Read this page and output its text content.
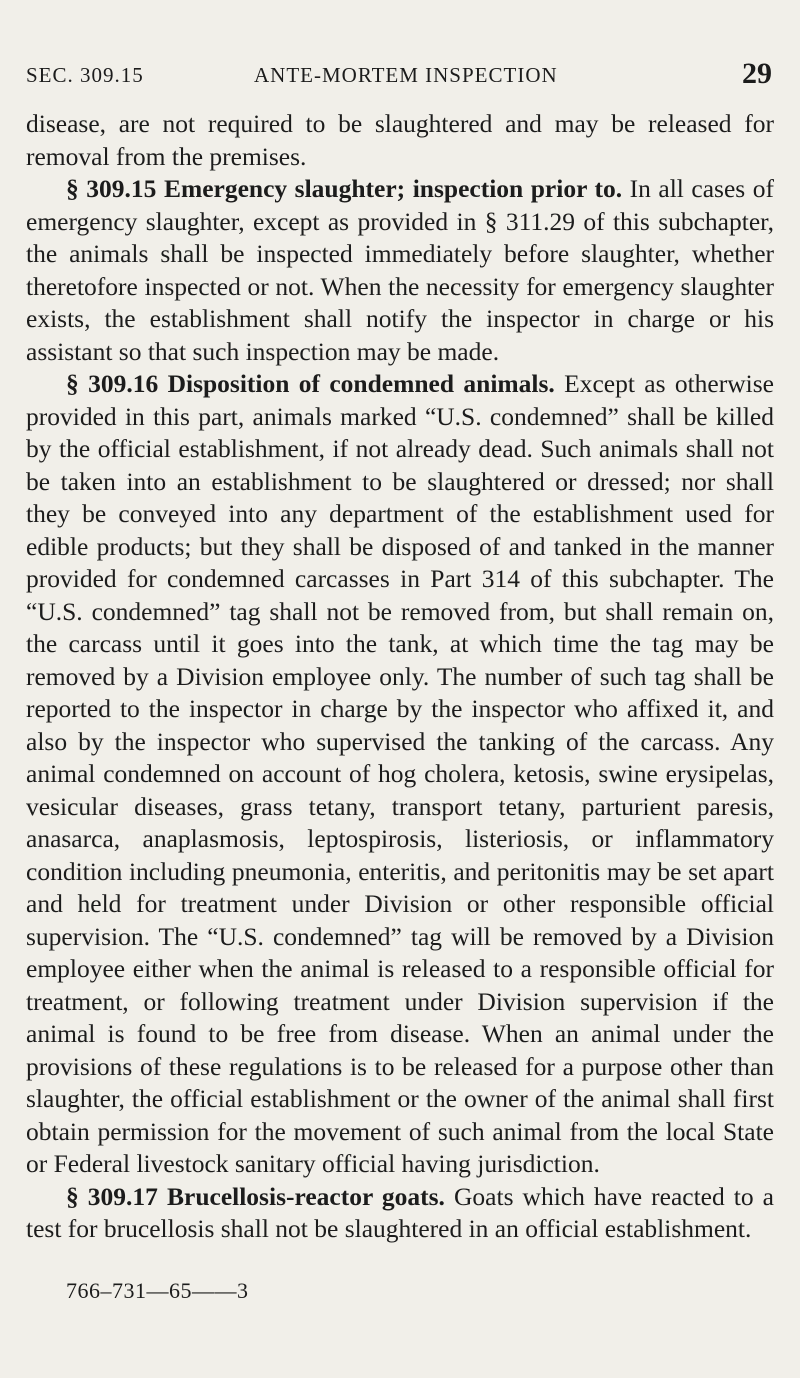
SEC. 309.15	ANTE-MORTEM INSPECTION	29

disease, are not required to be slaughtered and may be released for removal from the premises.

§ 309.15 Emergency slaughter; inspection prior to. In all cases of emergency slaughter, except as provided in § 311.29 of this subchapter, the animals shall be inspected immediately before slaughter, whether theretofore inspected or not. When the necessity for emergency slaughter exists, the establishment shall notify the inspector in charge or his assistant so that such inspection may be made.

§ 309.16 Disposition of condemned animals. Except as otherwise provided in this part, animals marked “U.S. condemned” shall be killed by the official establishment, if not already dead. Such animals shall not be taken into an establishment to be slaughtered or dressed; nor shall they be conveyed into any department of the establishment used for edible products; but they shall be disposed of and tanked in the manner provided for condemned carcasses in Part 314 of this subchapter. The “U.S. condemned” tag shall not be removed from, but shall remain on, the carcass until it goes into the tank, at which time the tag may be removed by a Division employee only. The number of such tag shall be reported to the inspector in charge by the inspector who affixed it, and also by the inspector who supervised the tanking of the carcass. Any animal condemned on account of hog cholera, ketosis, swine erysipelas, vesicular diseases, grass tetany, transport tetany, parturient paresis, anasarca, anaplasmosis, leptospirosis, listeriosis, or inflammatory condition including pneumonia, enteritis, and peritonitis may be set apart and held for treatment under Division or other responsible official supervision. The “U.S. condemned” tag will be removed by a Division employee either when the animal is released to a responsible official for treatment, or following treatment under Division supervision if the animal is found to be free from disease. When an animal under the provisions of these regulations is to be released for a purpose other than slaughter, the official establishment or the owner of the animal shall first obtain permission for the movement of such animal from the local State or Federal livestock sanitary official having jurisdiction.

§ 309.17 Brucellosis-reactor goats. Goats which have reacted to a test for brucellosis shall not be slaughtered in an official establishment.

766–731—65——3
